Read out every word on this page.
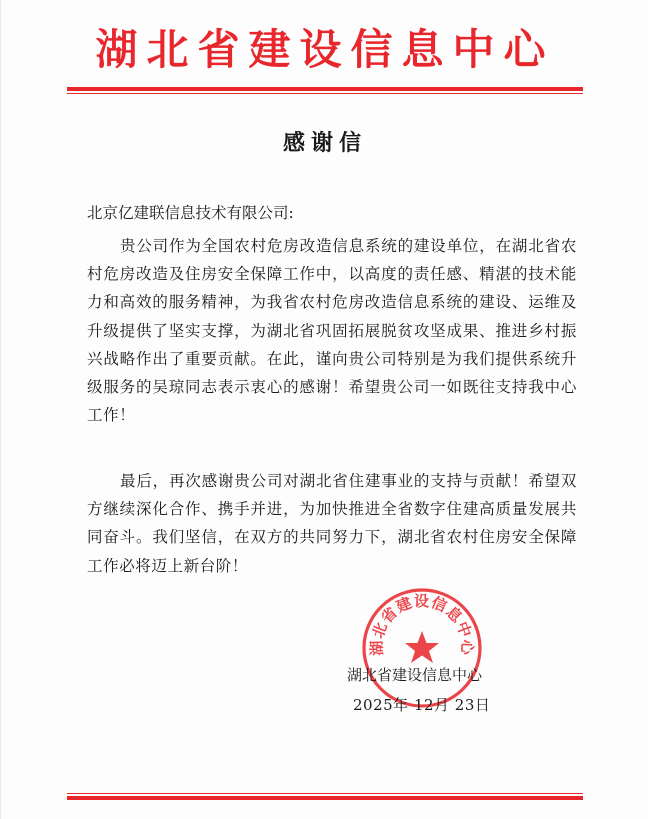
湖北省建设信息中心
感谢信
北京亿建联信息技术有限公司:
贵公司作为全国农村危房改造信息系统的建设单位，在湖北省农村危房改造及住房安全保障工作中，以高度的责任感、精湛的技术能力和高效的服务精神，为我省农村危房改造信息系统的建设、运维及升级提供了坚实支撑，为湖北省巩固拓展脱贫攻坚成果、推进乡村振兴战略作出了重要贡献。在此，谨向贵公司特别是为我们提供系统升级服务的吴琼同志表示衷心的感谢！希望贵公司一如既往支持我中心工作！
最后，再次感谢贵公司对湖北省住建事业的支持与贡献！希望双方继续深化合作、携手并进，为加快推进全省数字住建高质量发展共同奋斗。我们坚信，在双方的共同努力下，湖北省农村住房安全保障工作必将迈上新台阶！
湖北省建设信息中心
湖北省建设信息中心
2025年 12月 23日
